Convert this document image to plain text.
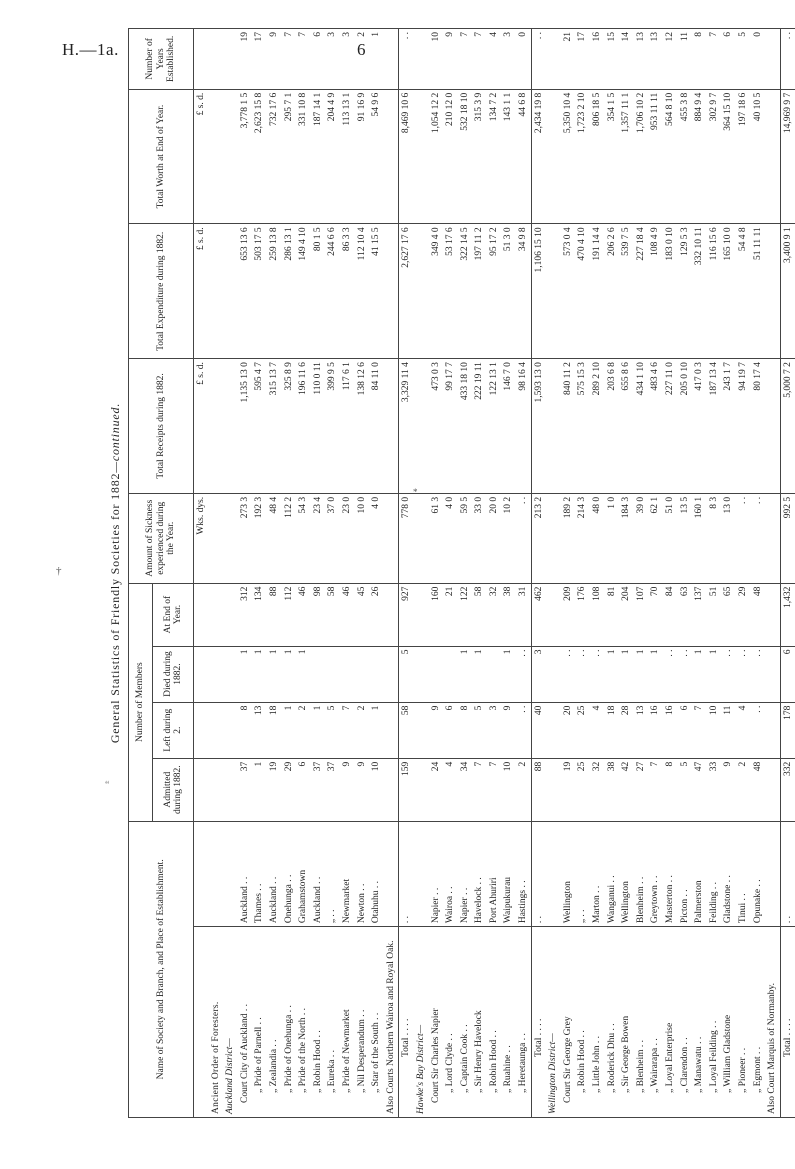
H.—1a.	6
*
†
“
General Statistics of Friendly Societies for 1882—continued.
Name of Society and Branch, and Place of Establishment.		Number of Members				Amount of Sickness experienced during the Year.	Total Receipts during 1882.	Total Expenditure during 1882.	Total Worth at End of Year.	Number of Years Established.
		Admitted during 1882.	Left during 2.	Died during 1882.	At End of Year.					
						Wks. dys.	£ s. d.	£ s. d.	£ s. d.	
Ancient Order of Foresters.										
Auckland District—										
Court City of Auckland . .	Auckland . .	37	8	1	312	273 3	1,135 13 0	653 13 6	3,778 1 5	19
„ Pride of Parnell . .	Thames . .	1	13	1	134	192 3	595 4 7	503 17 5	2,623 15 8	17
„ Zealandia . .	Auckland . .	19	18	1	88	48 4	315 13 7	259 13 8	732 17 6	9
„ Pride of Onehunga . .	Onehunga . .	29	1	1	112	112 2	325 8 9	286 13 1	295 7 1	7
„ Pride of the North . .	Grahamstown	6	2	1	46	54 3	196 11 6	149 4 10	331 10 8	7
„ Robin Hood . .	Auckland . .	37	1		98	23 4	110 0 11	80 1 5	187 14 1	6
„ Eureka . .	„ . .	37	5		58	37 0	399 9 5	244 6 6	204 4 9	3
„ Pride of Newmarket	Newmarket	9	7		46	23 0	117 6 1	86 3 3	113 13 1	3
„ Nil Desperandum . .	Newton . .	9	2		45	10 0	138 12 6	112 10 4	91 16 9	2
„ Star of the South . .	Otahuhu . .	10	1		26	4 0	84 11 0	41 15 5	54 9 6	1
Also Courts Northern Wairoa and Royal Oak.										

Total . . . .	. .	159	58	5	927	778 0	3,329 11 4	2,627 17 6	8,469 10 6	. .

Hawke's Bay District—										
Court Sir Charles Napier	Napier . .	24	9		160	61 3	473 0 3	349 4 0	1,054 12 2	10
„ Lord Clyde . .	Wairoa . .	4	6		21	4 0	99 17 7	53 17 6	210 12 0	9
„ Captain Cook . .	Napier . .	34	8	1	122	59 5	433 18 10	322 14 5	532 18 10	7
„ Sir Henry Havelock	Havelock . .	7	5	1	58	33 0	222 19 11	197 11 2	315 3 9	7
„ Robin Hood . .	Port Ahuriri	7	3		32	20 0	122 13 1	95 17 2	134 7 2	4
„ Ruahine . .	Waipukurau	10	9	1	38	10 2	146 7 0	51 3 0	143 1 1	3
„ Heretaunga . .	Hastings . .	2	. .	. .	31	. .	98 16 4	34 9 8	44 6 8	0

Total . . . .	. .	88	40	3	462	213 2	1,593 13 0	1,106 15 10	2,434 19 8	. .

Wellington District—										
Court Sir George Grey	Wellington	19	20	. .	209	189 2	840 11 2	573 0 4	5,350 10 4	21
„ Robin Hood . .	„ . .	25	25	. .	176	214 3	575 15 3	470 4 10	1,723 2 10	17
„ Little John . .	Marton . .	32	4	. .	108	48 0	289 2 10	191 14 4	806 18 5	16
„ Roderick Dhu . .	Wanganui . .	38	18	1	81	1 0	203 6 8	206 2 6	354 1 5	15
„ Sir George Bowen	Wellington	42	28	1	204	184 3	655 8 6	539 7 5	1,357 11 1	14
„ Blenheim . .	Blenheim . .	27	13	1	107	39 0	434 1 10	227 18 4	1,706 10 2	13
„ Wairarapa . .	Greytown . .	7	16	1	70	62 1	483 4 6	108 4 9	953 11 11	13
„ Loyal Enterprise	Masterton . .	8	16	. .	84	51 0	227 11 0	183 0 10	564 8 10	12
„ Clarendon . .	Picton . .	5	6	. .	63	13 5	205 0 10	129 5 3	455 3 8	11
„ Manawatu . .	Palmerston	47	7	1	137	160 1	417 0 3	332 10 11	884 9 4	8
„ Loyal Feilding . .	Feilding . .	33	10	1	51	8 3	187 13 4	116 15 6	302 9 7	7
„ William Gladstone	Gladstone . .	9	11	. .	65	13 0	243 1 7	165 10 0	364 15 10	6
„ Pioneer . .	Tinui . .	2	4	. .	29	. .	94 19 7	54 4 8	197 18 6	5
„ Egmont . .	Opunake . .	48	. .	. .	48	. .	80 17 4	51 11 11	40 10 5	0
Also Court Marquis of Normanby.										

Total . . . .	. .	332	178	6	1,432	992 5	5,000 7 2	3,400 9 1	14,969 9 7	. .
